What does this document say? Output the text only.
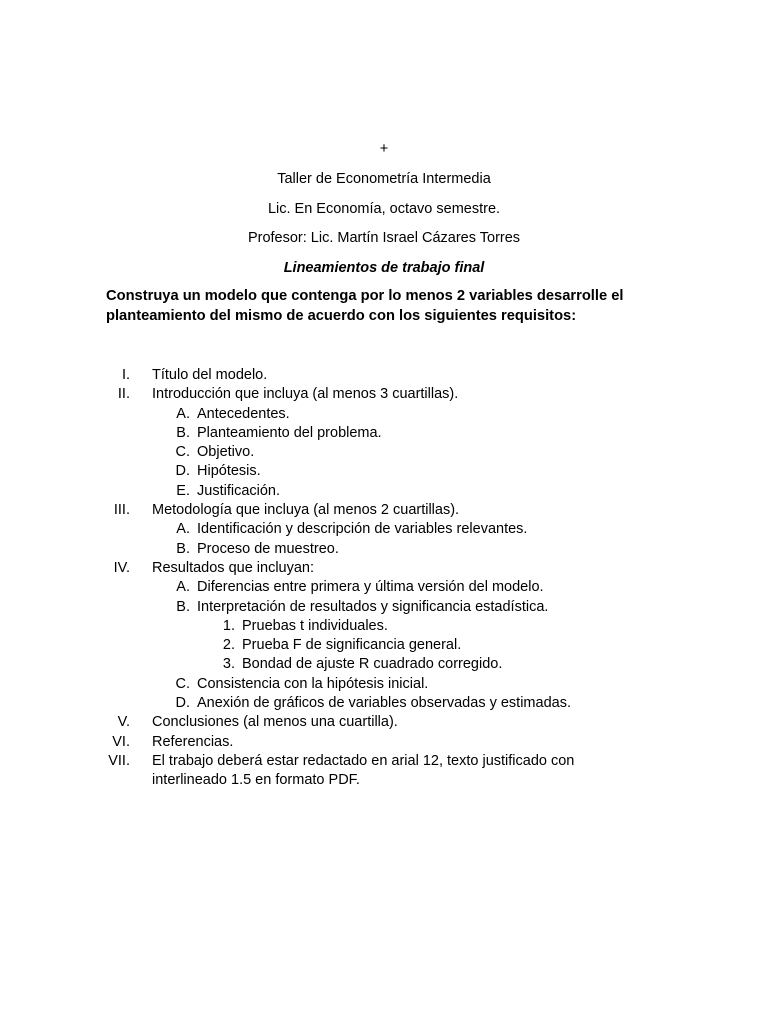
+
Taller de Econometría Intermedia
Lic. En Economía, octavo semestre.
Profesor: Lic. Martín Israel Cázares Torres
Lineamientos de trabajo final
Construya un modelo que contenga por lo menos 2 variables desarrolle el planteamiento del mismo de acuerdo con los siguientes requisitos:
I. Título del modelo.
II. Introducción que incluya (al menos 3 cuartillas).
A. Antecedentes.
B. Planteamiento del problema.
C. Objetivo.
D. Hipótesis.
E. Justificación.
III. Metodología que incluya (al menos 2 cuartillas).
A. Identificación y descripción de variables relevantes.
B. Proceso de muestreo.
IV. Resultados que incluyan:
A. Diferencias entre primera y última versión del modelo.
B. Interpretación de resultados y significancia estadística.
1. Pruebas t individuales.
2. Prueba F de significancia general.
3. Bondad de ajuste R cuadrado corregido.
C. Consistencia con la hipótesis inicial.
D. Anexión de gráficos de variables observadas y estimadas.
V. Conclusiones (al menos una cuartilla).
VI. Referencias.
VII. El trabajo deberá estar redactado en arial 12, texto justificado con interlineado 1.5 en formato PDF.
